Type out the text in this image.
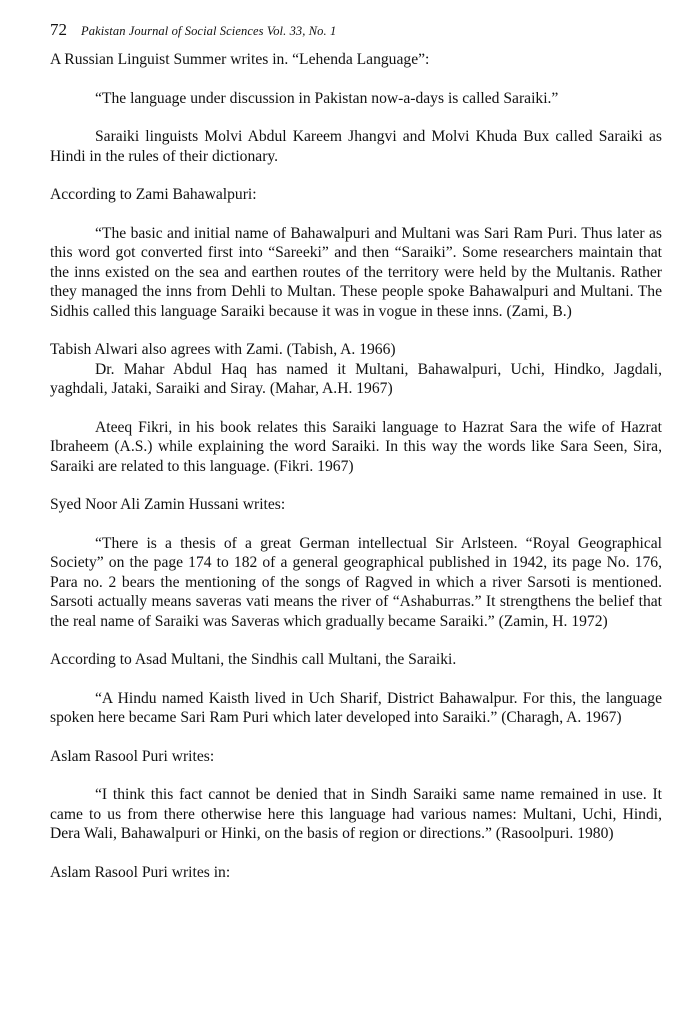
72 Pakistan Journal of Social Sciences Vol. 33, No. 1

A Russian Linguist Summer writes in. “Lehenda Language”:

“The language under discussion in Pakistan now-a-days is called Saraiki.”

Saraiki linguists Molvi Abdul Kareem Jhangvi and Molvi Khuda Bux called Saraiki as Hindi in the rules of their dictionary.

According to Zami Bahawalpuri:

“The basic and initial name of Bahawalpuri and Multani was Sari Ram Puri. Thus later as this word got converted first into “Sareeki” and then “Saraiki”. Some researchers maintain that the inns existed on the sea and earthen routes of the territory were held by the Multanis. Rather they managed the inns from Dehli to Multan. These people spoke Bahawalpuri and Multani. The Sidhis called this language Saraiki because it was in vogue in these inns. (Zami, B.)

Tabish Alwari also agrees with Zami. (Tabish, A. 1966)

Dr. Mahar Abdul Haq has named it Multani, Bahawalpuri, Uchi, Hindko, Jagdali, yaghdali, Jataki, Saraiki and Siray. (Mahar, A.H. 1967)

Ateeq Fikri, in his book relates this Saraiki language to Hazrat Sara the wife of Hazrat Ibraheem (A.S.) while explaining the word Saraiki. In this way the words like Sara Seen, Sira, Saraiki are related to this language. (Fikri. 1967)

Syed Noor Ali Zamin Hussani writes:

“There is a thesis of a great German intellectual Sir Arlsteen. “Royal Geographical Society” on the page 174 to 182 of a general geographical published in 1942, its page No. 176, Para no. 2 bears the mentioning of the songs of Ragved in which a river Sarsoti is mentioned. Sarsoti actually means saveras vati means the river of “Ashaburras.” It strengthens the belief that the real name of Saraiki was Saveras which gradually became Saraiki.” (Zamin, H. 1972)

According to Asad Multani, the Sindhis call Multani, the Saraiki.

“A Hindu named Kaisth lived in Uch Sharif, District Bahawalpur. For this, the language spoken here became Sari Ram Puri which later developed into Saraiki.” (Charagh, A. 1967)

Aslam Rasool Puri writes:

“I think this fact cannot be denied that in Sindh Saraiki same name remained in use. It came to us from there otherwise here this language had various names: Multani, Uchi, Hindi, Dera Wali, Bahawalpuri or Hinki, on the basis of region or directions.” (Rasoolpuri. 1980)

Aslam Rasool Puri writes in:
